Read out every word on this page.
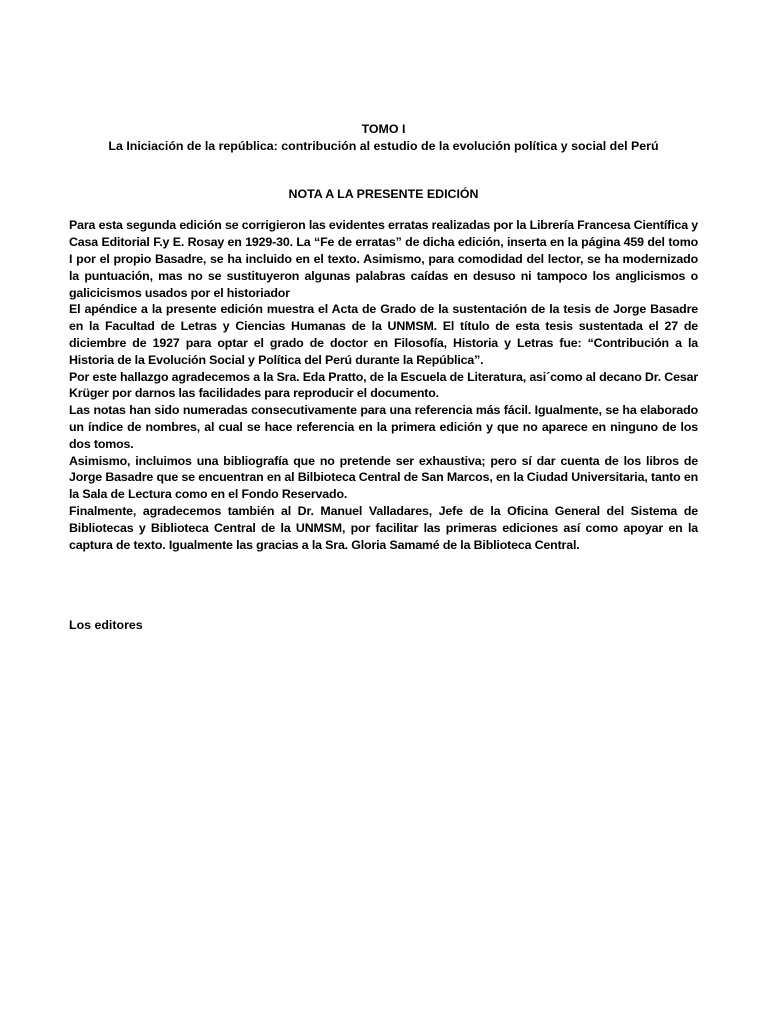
TOMO I

La Iniciación de la república: contribución al estudio de la evolución política y social del Perú

NOTA A LA PRESENTE EDICIÓN

Para esta segunda edición se corrigieron las evidentes erratas realizadas por la Librería Francesa Científica y Casa Editorial F.y E. Rosay en 1929-30. La “Fe de erratas” de dicha edición, inserta en la página 459 del tomo I por el propio Basadre, se ha incluido en el texto. Asimismo, para comodidad del lector, se ha modernizado la puntuación, mas no se sustituyeron algunas palabras caídas en desuso ni tampoco los anglicismos o galicicismos usados por el historiador

El apéndice a la presente edición muestra el Acta de Grado de la sustentación de la tesis de Jorge Basadre en la Facultad de Letras y Ciencias Humanas de la UNMSM. El título de esta tesis sustentada el 27 de diciembre de 1927 para optar el grado de doctor en Filosofía, Historia y Letras fue: “Contribución a la Historia de la Evolución Social y Política del Perú durante la República”.

Por este hallazgo agradecemos a la Sra. Eda Pratto, de la Escuela de Literatura, asi´como al decano Dr. Cesar Krüger por darnos las facilidades para reproducir el documento.

Las notas han sido numeradas consecutivamente para una referencia más fácil. Igualmente, se ha elaborado un índice de nombres, al cual se hace referencia en la primera edición y que no aparece en ninguno de los dos tomos.

Asimismo, incluimos una bibliografía que no pretende ser exhaustiva; pero sí dar cuenta de los libros de Jorge Basadre que se encuentran en al Bilbioteca Central de San Marcos, en la Ciudad Universitaria, tanto en la Sala de Lectura como en el Fondo Reservado.

Finalmente, agradecemos también al Dr. Manuel Valladares, Jefe de la Oficina General del Sistema de Bibliotecas y Biblioteca Central de la UNMSM, por facilitar las primeras ediciones así como apoyar en la captura de texto. Igualmente las gracias a la Sra. Gloria Samamé de la Biblioteca Central.

Los editores
